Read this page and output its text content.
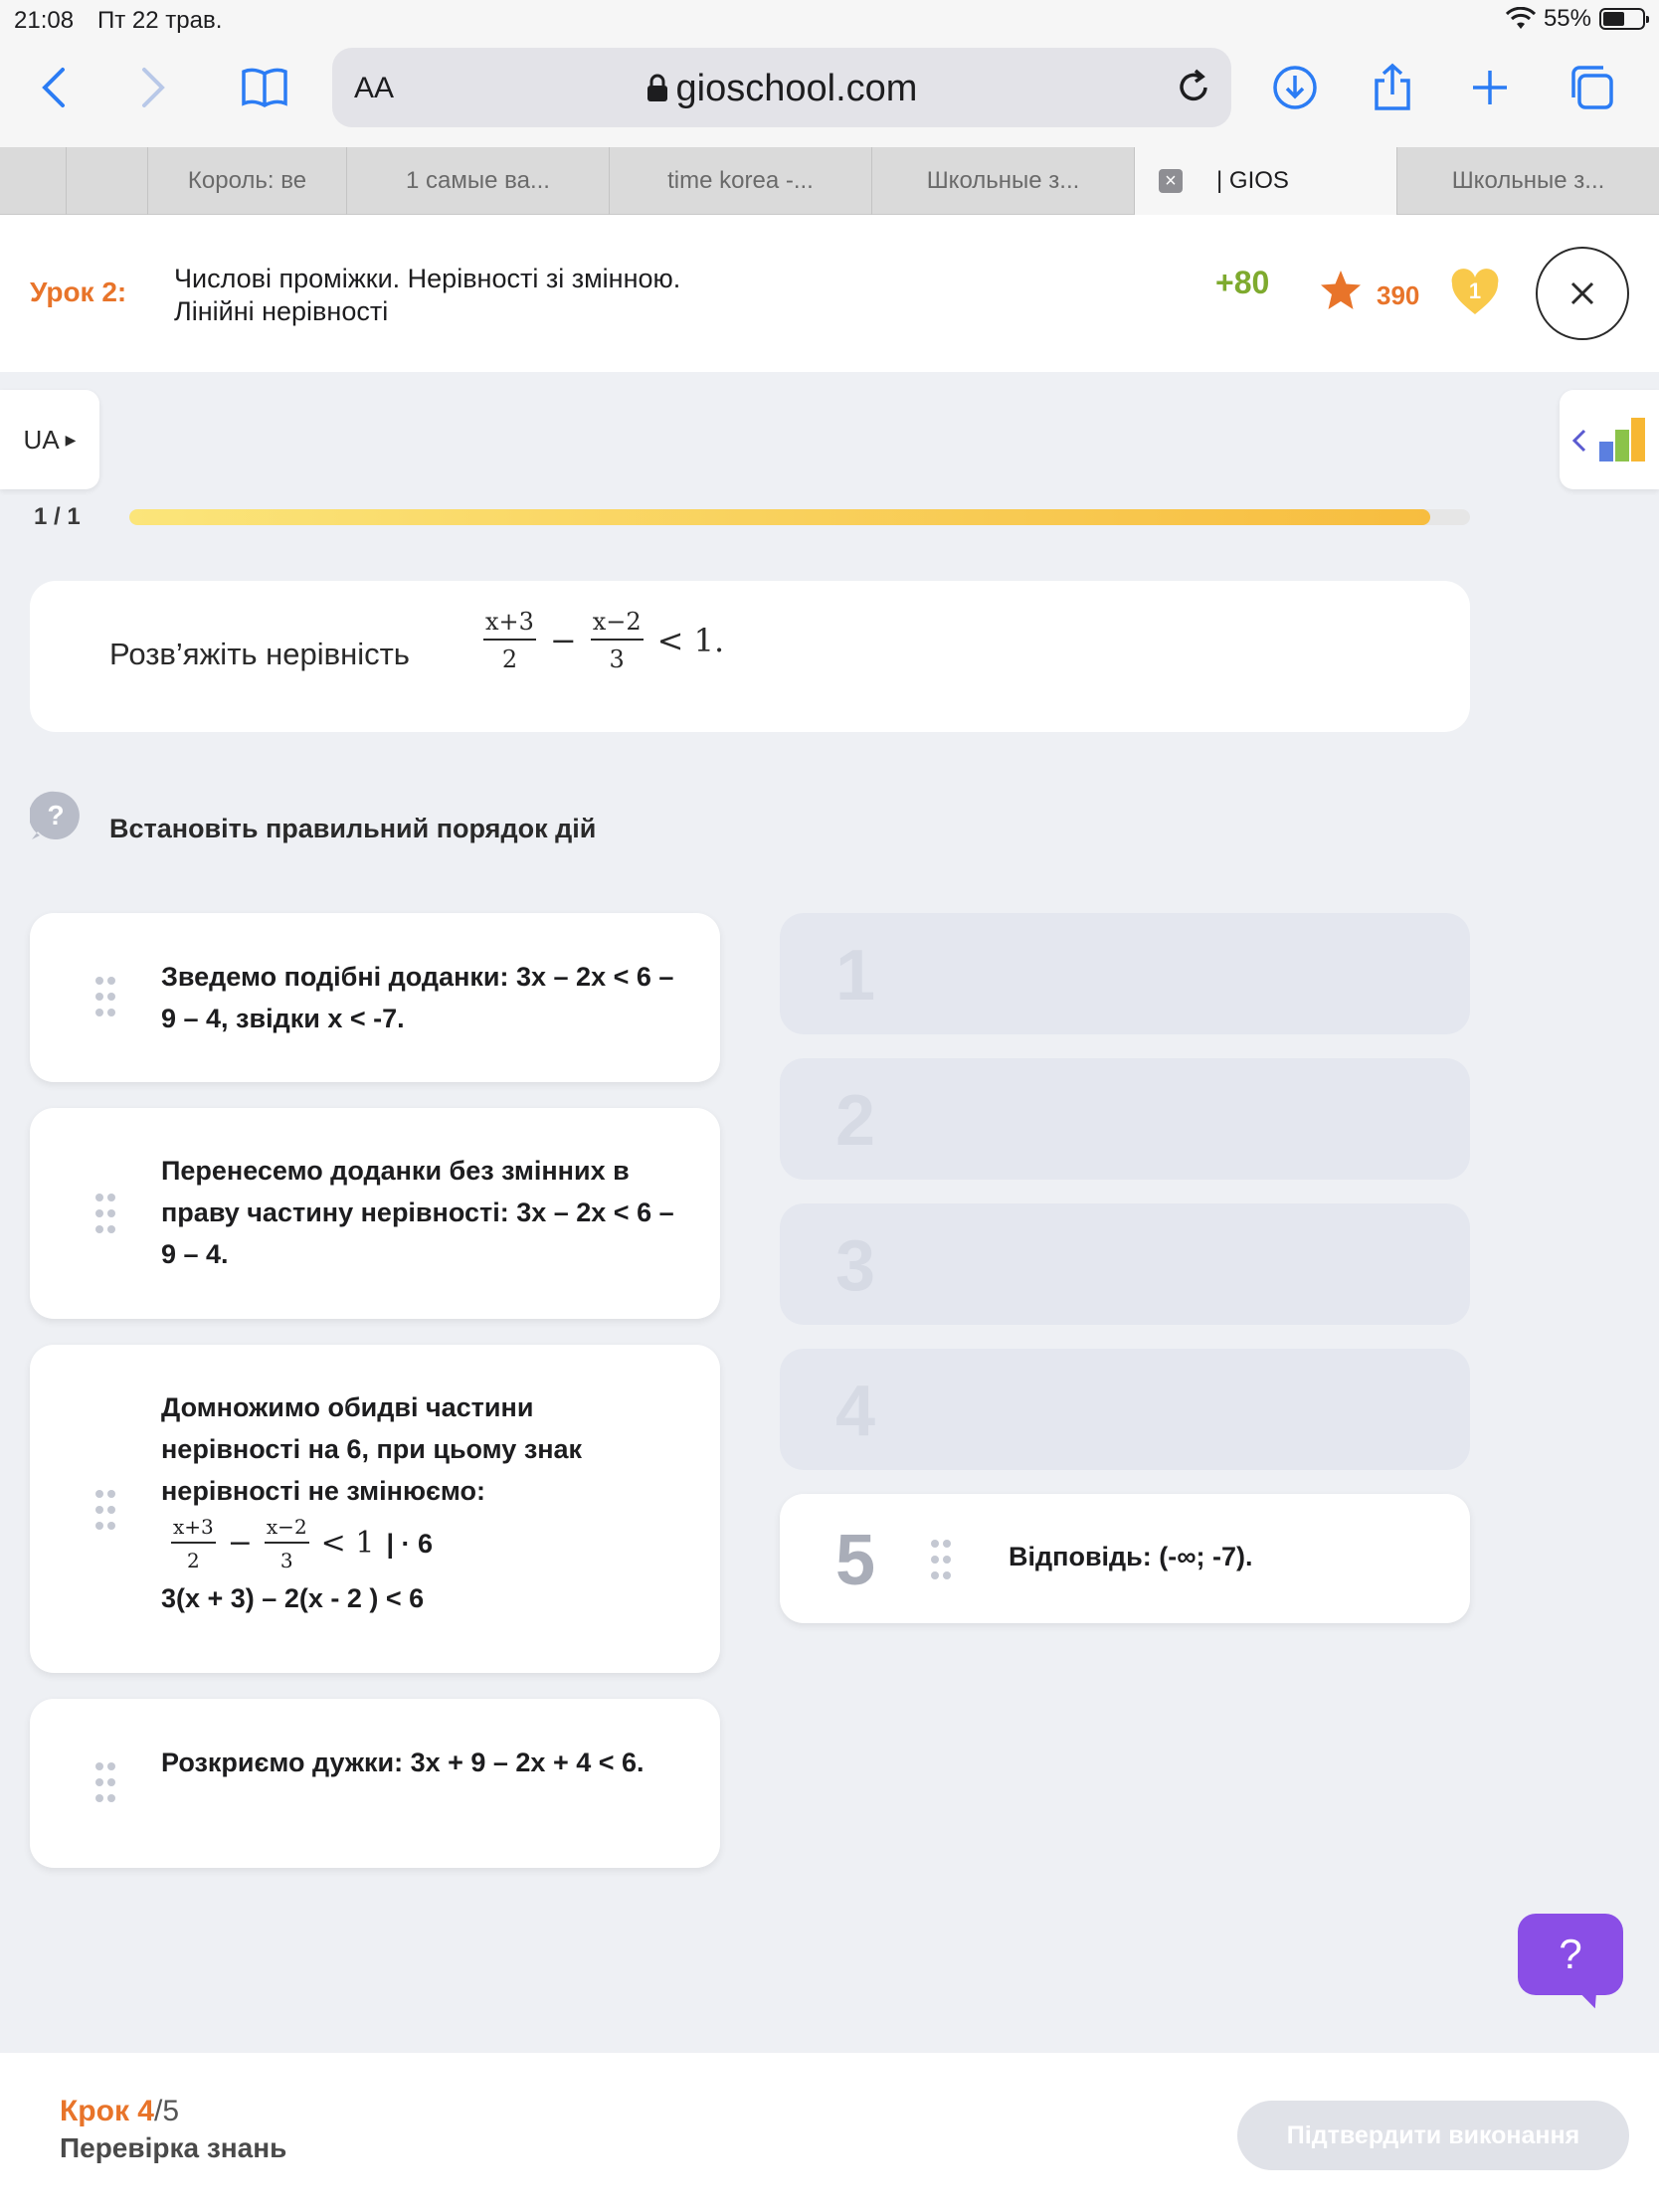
21:08 Пт 22 трав.	55%
AA	gioschool.com
Король: ве	1 самые ва...	time korea -...	Школьные з...	× | GIOS	Школьные з...
Урок 2: Числові проміжки. Нерівності зі змінною. Лінійні нерівності
+80	390	1
UA ▶
1 / 1
Розв’яжіть нерівність	$\frac{x+3}{2} - \frac{x-2}{3} < 1$.
? Встановіть правильний порядок дій
Зведемо подібні доданки: 3х – 2х < 6 – 9 – 4, звідки х < -7.
Перенесемо доданки без змінних в праву частину нерівності: 3х – 2х < 6 – 9 – 4.
Домножимо обидві частини нерівності на 6, при цьому знак нерівності не змінюємо:
$\frac{x+3}{2} - \frac{x-2}{3} < 1$ | · 6
3(x + 3) – 2(x - 2 ) < 6
Розкриємо дужки: 3х + 9 – 2х + 4 < 6.
1
2
3
4
5	Відповідь: (-∞; -7).
?
Крок 4/5
Перевірка знань	Підтвердити виконання
